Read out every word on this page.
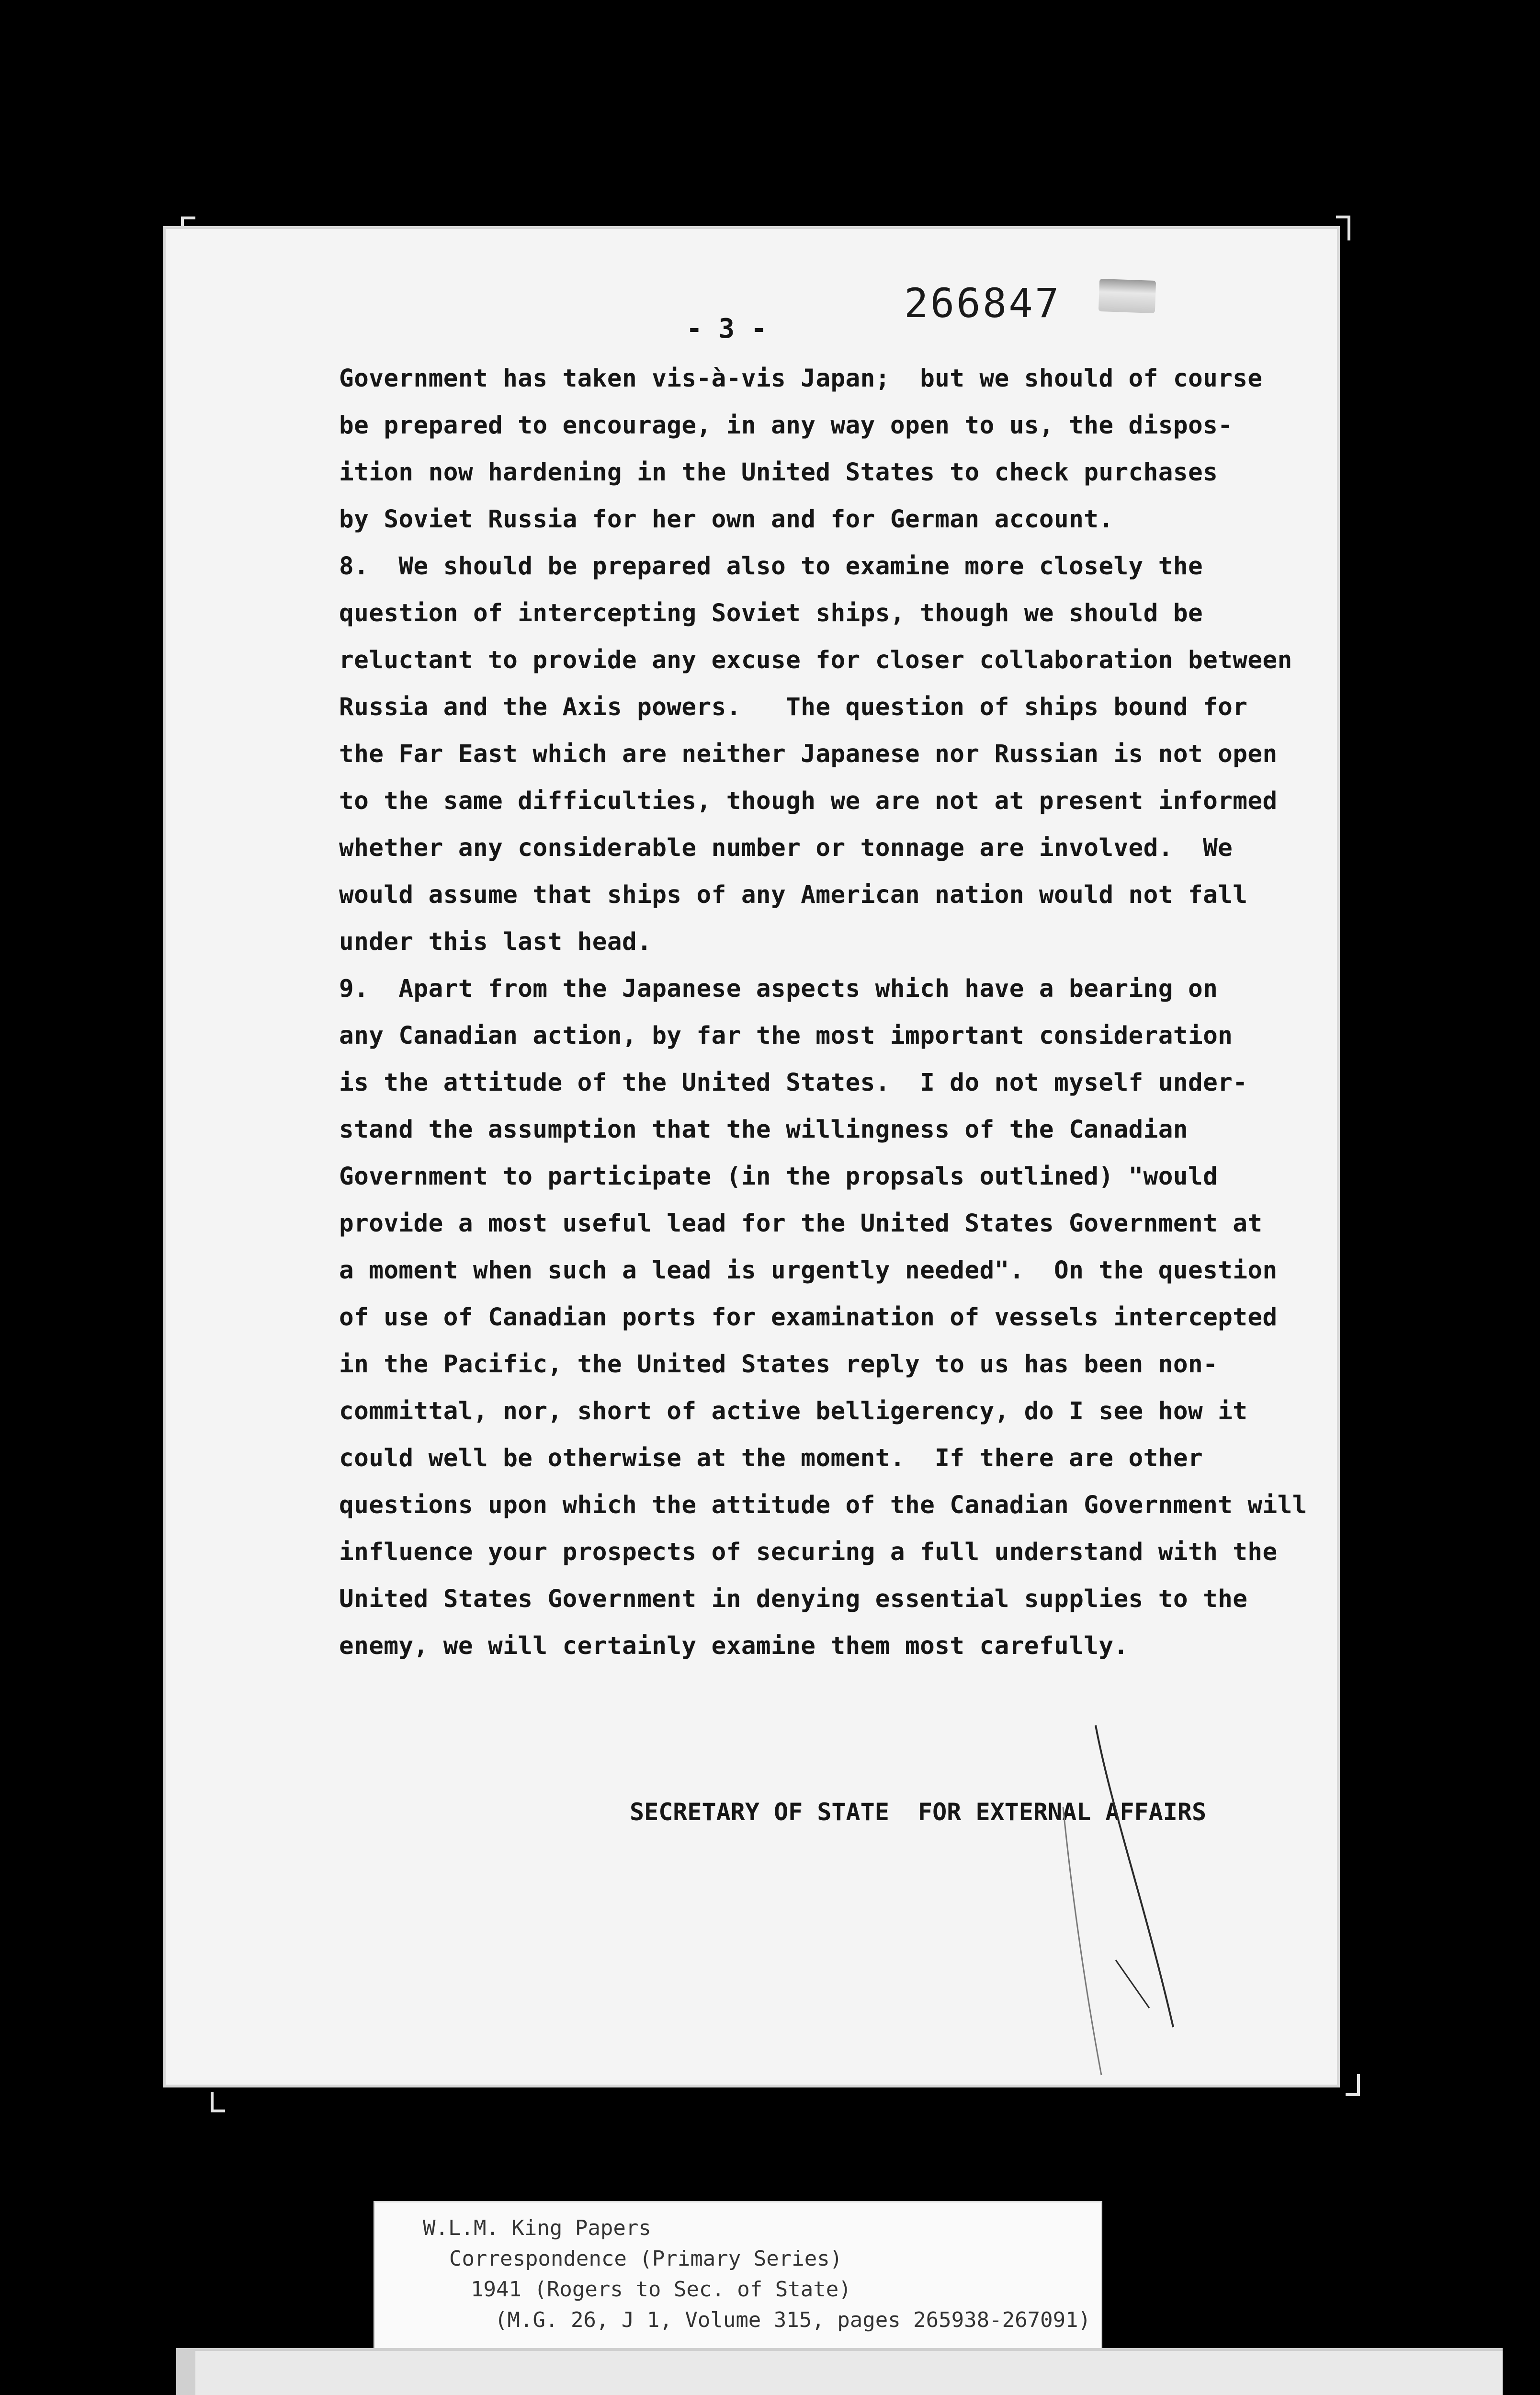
266847
- 3 -
Government has taken vis-à-vis Japan;  but we should of course
be prepared to encourage, in any way open to us, the dispos-
ition now hardening in the United States to check purchases
by Soviet Russia for her own and for German account.
8.  We should be prepared also to examine more closely the
question of intercepting Soviet ships, though we should be
reluctant to provide any excuse for closer collaboration between
Russia and the Axis powers.   The question of ships bound for
the Far East which are neither Japanese nor Russian is not open
to the same difficulties, though we are not at present informed
whether any considerable number or tonnage are involved.  We
would assume that ships of any American nation would not fall
under this last head.
9.  Apart from the Japanese aspects which have a bearing on
any Canadian action, by far the most important consideration
is the attitude of the United States.  I do not myself under-
stand the assumption that the willingness of the Canadian
Government to participate (in the propsals outlined) "would
provide a most useful lead for the United States Government at
a moment when such a lead is urgently needed".  On the question
of use of Canadian ports for examination of vessels intercepted
in the Pacific, the United States reply to us has been non-
committal, nor, short of active belligerency, do I see how it
could well be otherwise at the moment.  If there are other
questions upon which the attitude of the Canadian Government will
influence your prospects of securing a full understand with the
United States Government in denying essential supplies to the
enemy, we will certainly examine them most carefully.
SECRETARY OF STATE  FOR EXTERNAL AFFAIRS
W.L.M. King Papers
Correspondence (Primary Series)
1941 (Rogers to Sec. of State)
(M.G. 26, J 1, Volume 315, pages 265938-267091)
